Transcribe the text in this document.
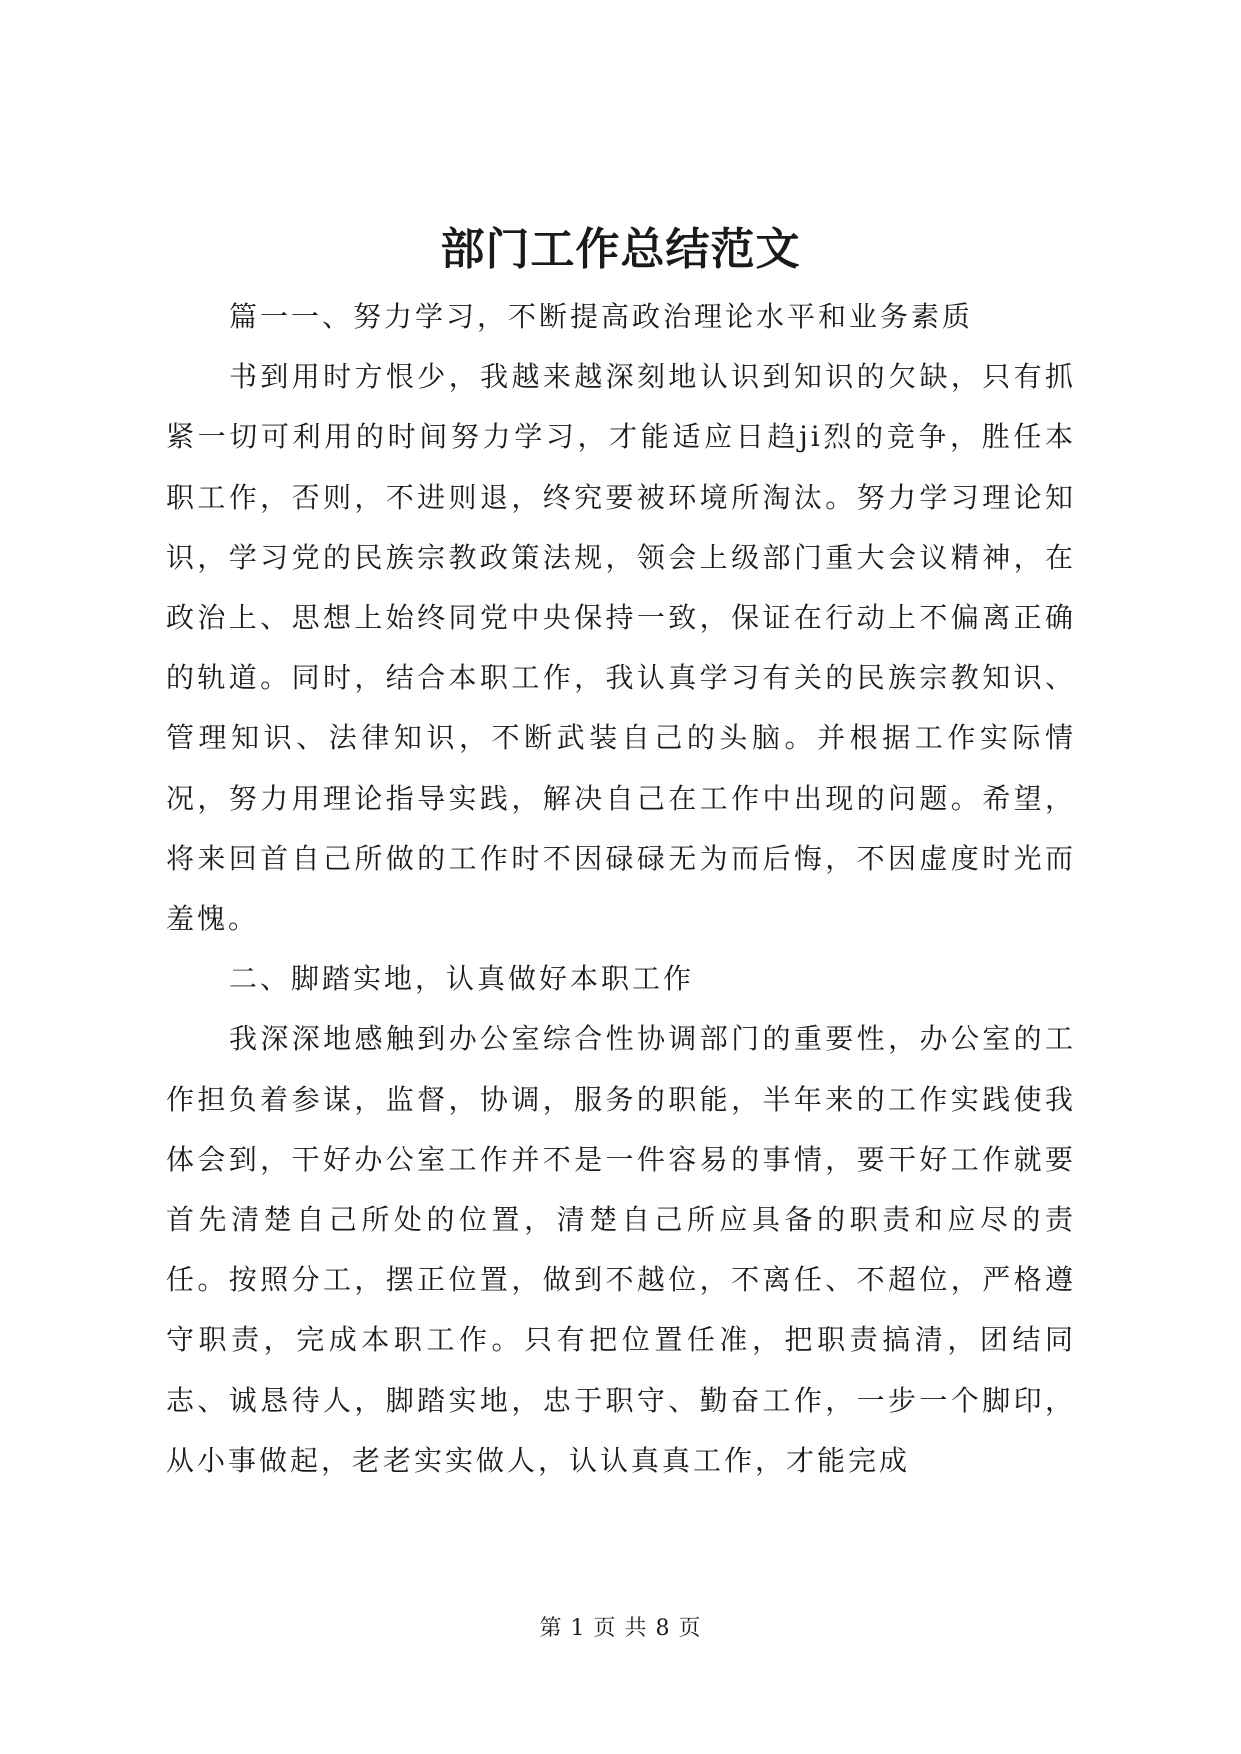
部门工作总结范文

篇一一、努力学习，不断提高政治理论水平和业务素质

书到用时方恨少，我越来越深刻地认识到知识的欠缺，只有抓紧一切可利用的时间努力学习，才能适应日趋ji烈的竞争，胜任本职工作，否则，不进则退，终究要被环境所淘汰。努力学习理论知识，学习党的民族宗教政策法规，领会上级部门重大会议精神，在政治上、思想上始终同党中央保持一致，保证在行动上不偏离正确的轨道。同时，结合本职工作，我认真学习有关的民族宗教知识、管理知识、法律知识，不断武装自己的头脑。并根据工作实际情况，努力用理论指导实践，解决自己在工作中出现的问题。希望，将来回首自己所做的工作时不因碌碌无为而后悔，不因虚度时光而羞愧。

二、脚踏实地，认真做好本职工作

我深深地感触到办公室综合性协调部门的重要性，办公室的工作担负着参谋，监督，协调，服务的职能，半年来的工作实践使我体会到，干好办公室工作并不是一件容易的事情，要干好工作就要首先清楚自己所处的位置，清楚自己所应具备的职责和应尽的责任。按照分工，摆正位置，做到不越位，不离任、不超位，严格遵守职责，完成本职工作。只有把位置任准，把职责搞清，团结同志、诚恳待人，脚踏实地，忠于职守、勤奋工作，一步一个脚印，从小事做起，老老实实做人，认认真真工作，才能完成

第 1 页 共 8 页
